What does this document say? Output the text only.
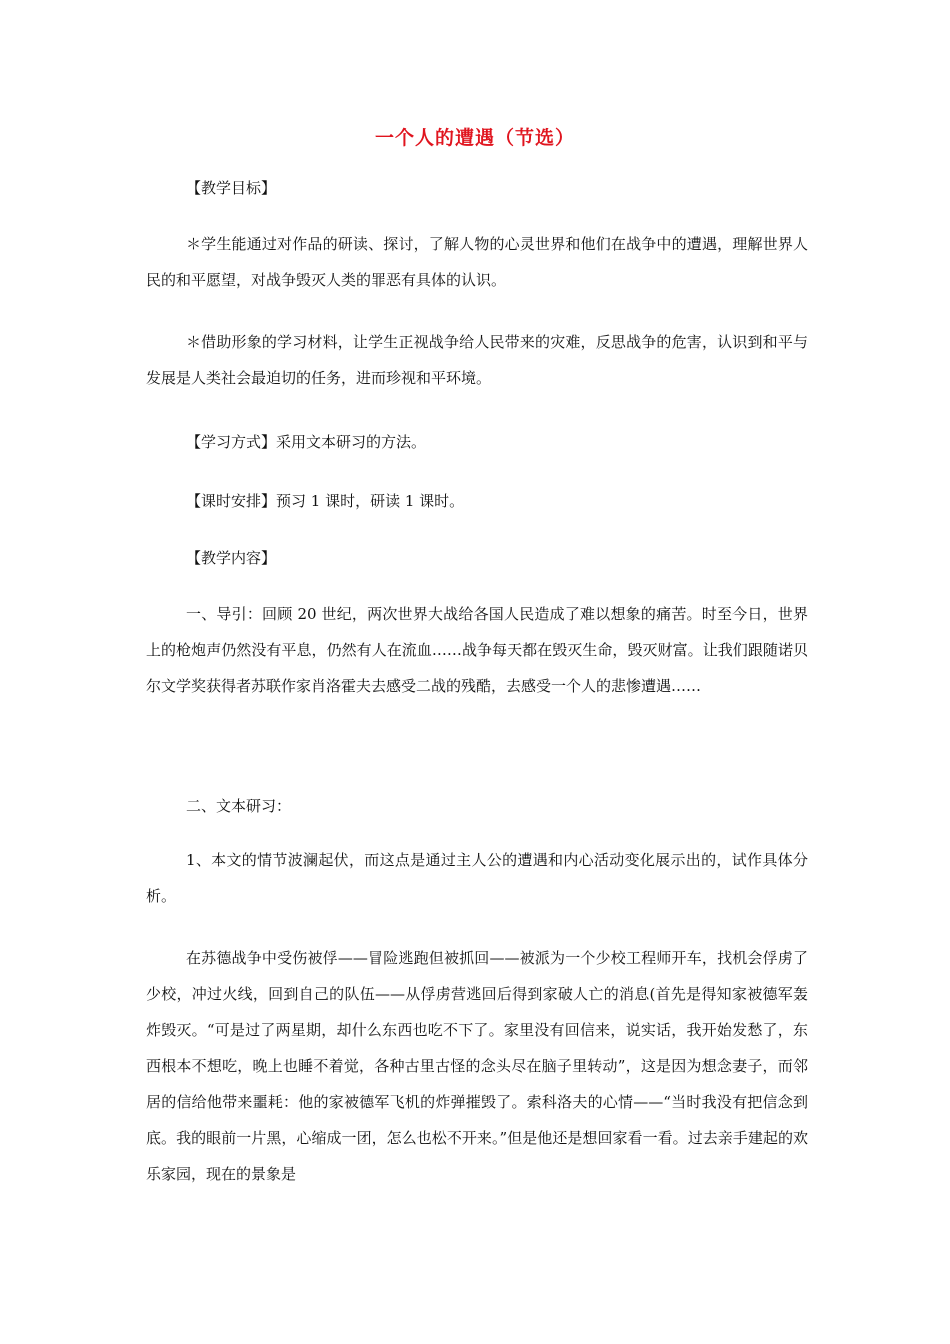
一个人的遭遇（节选）

【教学目标】

＊学生能通过对作品的研读、探讨，了解人物的心灵世界和他们在战争中的遭遇，理解世界人民的和平愿望，对战争毁灭人类的罪恶有具体的认识。

＊借助形象的学习材料，让学生正视战争给人民带来的灾难，反思战争的危害，认识到和平与发展是人类社会最迫切的任务，进而珍视和平环境。

【学习方式】采用文本研习的方法。

【课时安排】预习 1 课时，研读 1 课时。

【教学内容】

一、导引：回顾 20 世纪，两次世界大战给各国人民造成了难以想象的痛苦。时至今日，世界上的枪炮声仍然没有平息，仍然有人在流血……战争每天都在毁灭生命，毁灭财富。让我们跟随诺贝尔文学奖获得者苏联作家肖洛霍夫去感受二战的残酷，去感受一个人的悲惨遭遇……

二、文本研习：

1、本文的情节波澜起伏，而这点是通过主人公的遭遇和内心活动变化展示出的，试作具体分析。

在苏德战争中受伤被俘——冒险逃跑但被抓回——被派为一个少校工程师开车，找机会俘虏了少校，冲过火线，回到自己的队伍——从俘虏营逃回后得到家破人亡的消息(首先是得知家被德军轰炸毁灭。“可是过了两星期，却什么东西也吃不下了。家里没有回信来，说实话，我开始发愁了，东西根本不想吃，晚上也睡不着觉，各种古里古怪的念头尽在脑子里转动”，这是因为想念妻子，而邻居的信给他带来噩耗：他的家被德军飞机的炸弹摧毁了。索科洛夫的心情——“当时我没有把信念到底。我的眼前一片黑，心缩成一团，怎么也松不开来。”但是他还是想回家看一看。过去亲手建起的欢乐家园，现在的景象是
